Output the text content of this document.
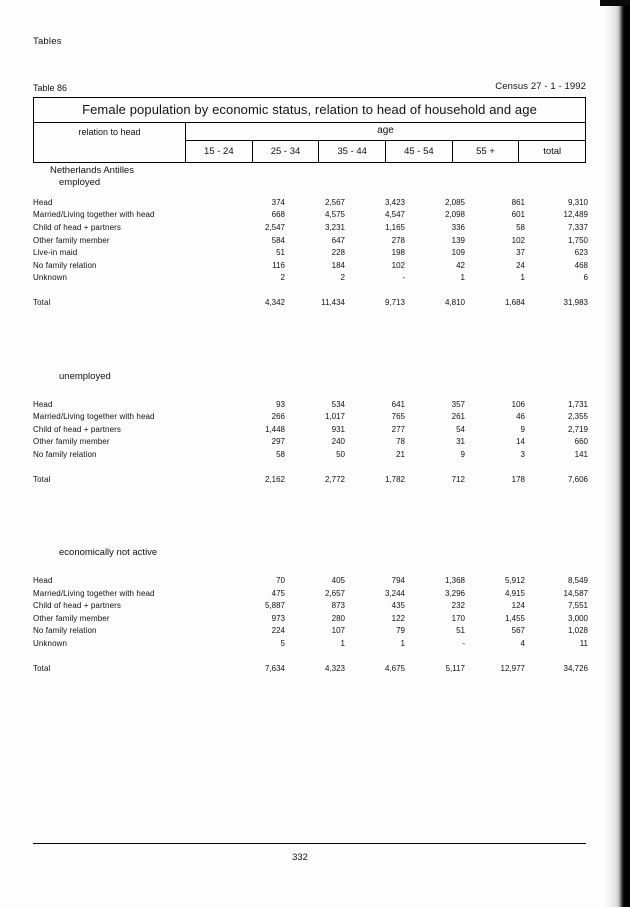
Tables
Table 86	Census 27 - 1 - 1992
Female population by economic status, relation to head of household and age
relation to head	age
15 - 24	25 - 34	35 - 44	45 - 54	55 +	total
Netherlands Antilles
employed
Head	374	2,567	3,423	2,085	861	9,310
Married/Living together with head	668	4,575	4,547	2,098	601	12,489
Child of head + partners	2,547	3,231	1,165	336	58	7,337
Other family member	584	647	278	139	102	1,750
Live-in maid	51	228	198	109	37	623
No family relation	116	184	102	42	24	468
Unknown	2	2	-	1	1	6

Total	4,342	11,434	9,713	4,810	1,684	31,983
unemployed
Head	93	534	641	357	106	1,731
Married/Living together with head	266	1,017	765	261	46	2,355
Child of head + partners	1,448	931	277	54	9	2,719
Other family member	297	240	78	31	14	660
No family relation	58	50	21	9	3	141

Total	2,162	2,772	1,782	712	178	7,606
economically not active
Head	70	405	794	1,368	5,912	8,549
Married/Living together with head	475	2,657	3,244	3,296	4,915	14,587
Child of head + partners	5,887	873	435	232	124	7,551
Other family member	973	280	122	170	1,455	3,000
No family relation	224	107	79	51	567	1,028
Unknown	5	1	1	-	4	11

Total	7,634	4,323	4,675	5,117	12,977	34,726
332
